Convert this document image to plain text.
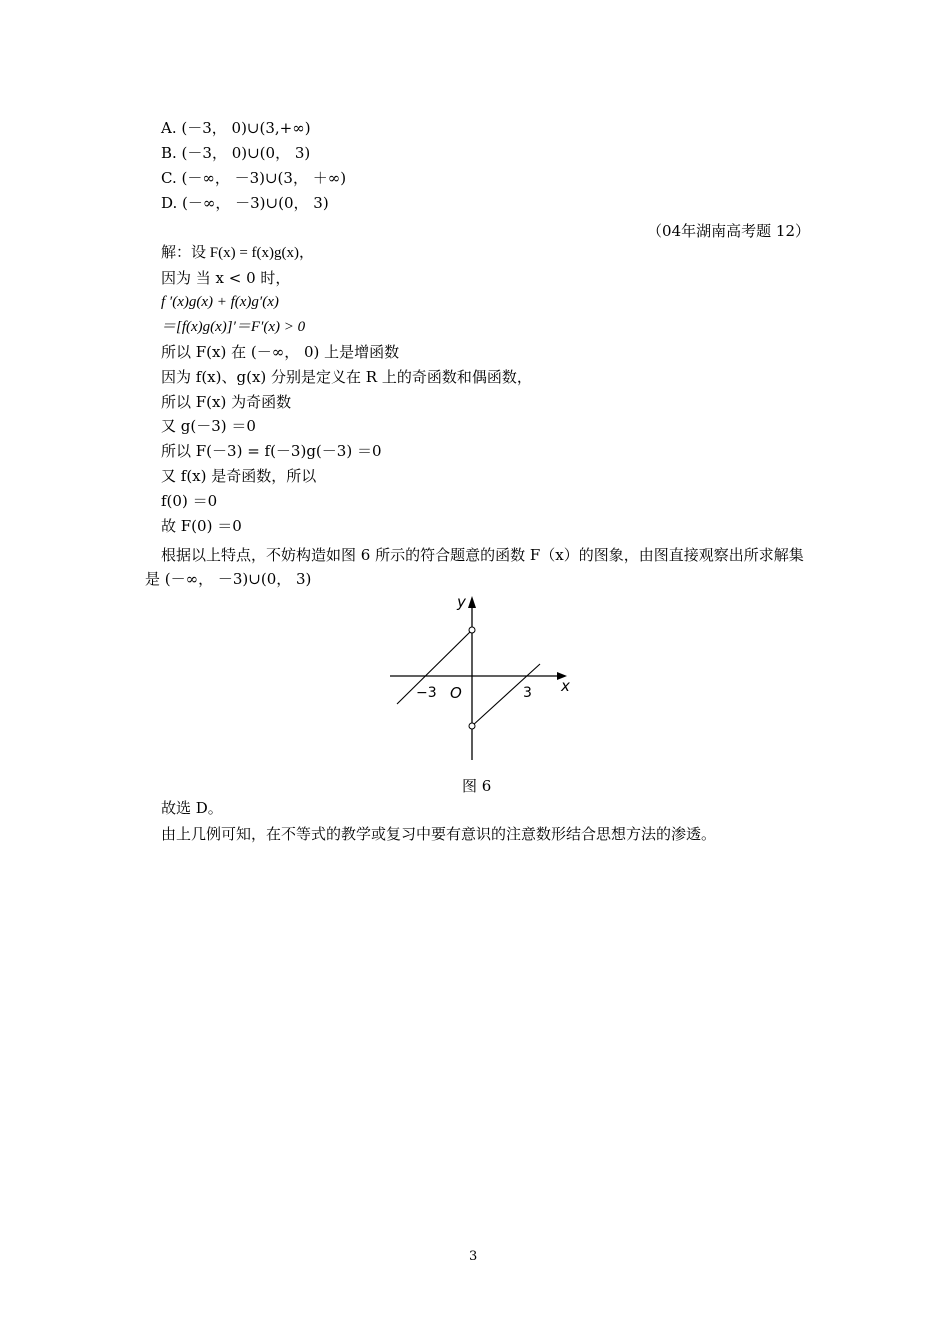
A. (－3， 0)∪(3,+∞)
B. (－3， 0)∪(0， 3)
C. (－∞， －3)∪(3， ＋∞)
D. (－∞， －3)∪(0， 3)
（04年湖南高考题 12）
解：设 F(x) = f(x)g(x)，
因为 当 x < 0 时，
f ′(x)g(x) + f(x)g′(x)
＝[f(x)g(x)]′＝F′(x) > 0
所以 F(x) 在 (－∞， 0) 上是增函数
因为 f(x)、g(x) 分别是定义在 R 上的奇函数和偶函数，
所以 F(x) 为奇函数
又 g(－3) ＝0
所以 F(－3) = f(－3)g(－3) ＝0
又 f(x) 是奇函数，所以
f(0) ＝0
故 F(0) ＝0
根据以上特点，不妨构造如图 6 所示的符合题意的函数 F（x）的图象，由图直接观察出所求解集是 (－∞， －3)∪(0， 3)
y
x
O
−3	3
图 6
故选 D。
由上几例可知，在不等式的教学或复习中要有意识的注意数形结合思想方法的渗透。
3
